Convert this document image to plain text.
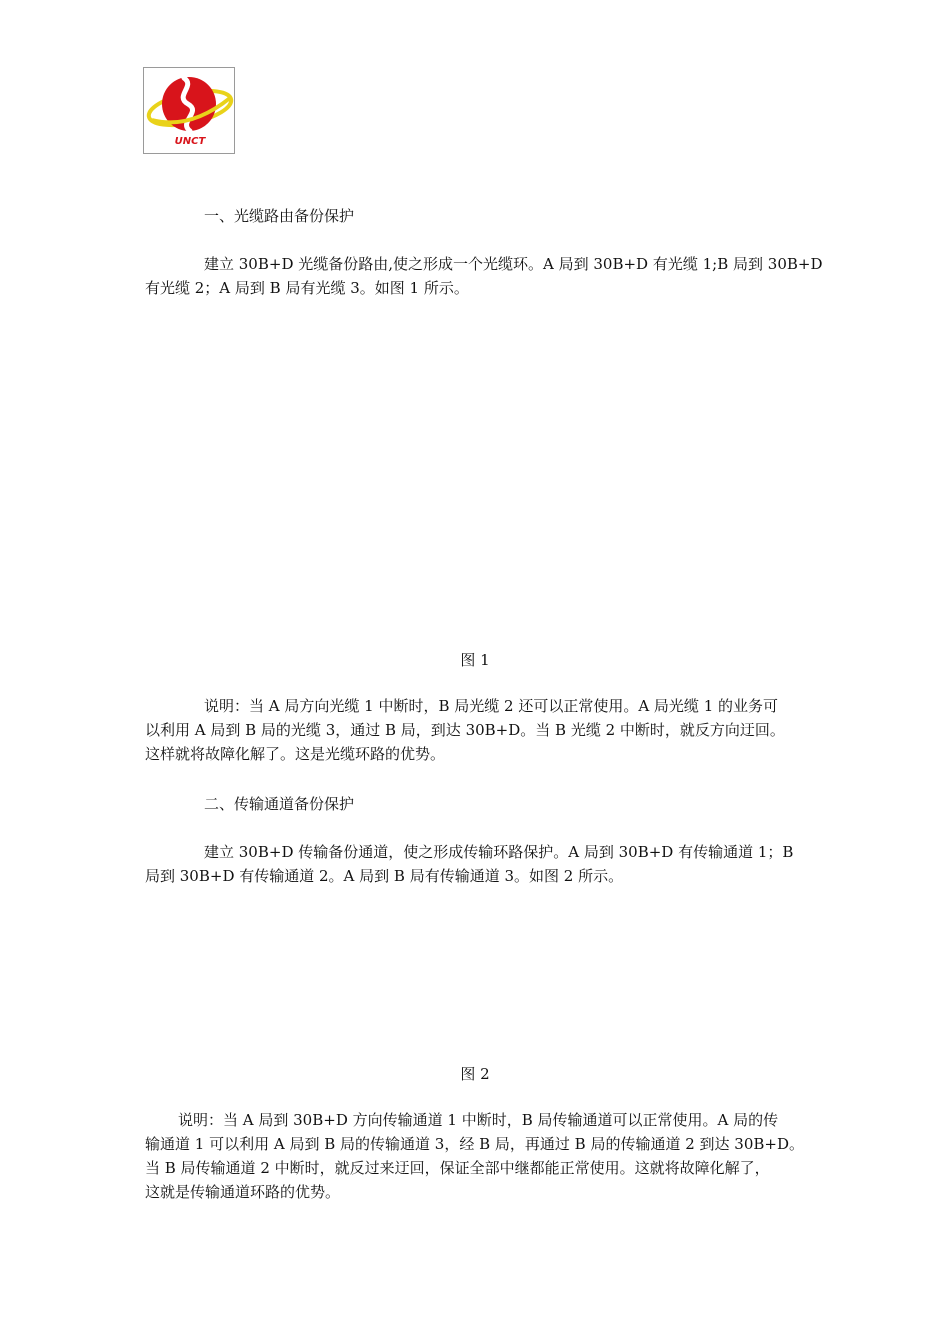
UNCT

一、光缆路由备份保护

建立 30B+D 光缆备份路由,使之形成一个光缆环。A 局到 30B+D 有光缆 1;B 局到 30B+D
有光缆 2；A 局到 B 局有光缆 3。如图 1 所示。

图 1

说明：当 A 局方向光缆 1 中断时，B 局光缆 2 还可以正常使用。A 局光缆 1 的业务可
以利用 A 局到 B 局的光缆 3，通过 B 局，到达 30B+D。当 B 光缆 2 中断时，就反方向迂回。
这样就将故障化解了。这是光缆环路的优势。

二、传输通道备份保护

建立 30B+D 传输备份通道，使之形成传输环路保护。A 局到 30B+D 有传输通道 1；B
局到 30B+D 有传输通道 2。A 局到 B 局有传输通道 3。如图 2 所示。

图 2

说明：当 A 局到 30B+D 方向传输通道 1 中断时，B 局传输通道可以正常使用。A 局的传
输通道 1 可以利用 A 局到 B 局的传输通道 3，经 B 局，再通过 B 局的传输通道 2 到达 30B+D。
当 B 局传输通道 2 中断时，就反过来迂回，保证全部中继都能正常使用。这就将故障化解了，
这就是传输通道环路的优势。
